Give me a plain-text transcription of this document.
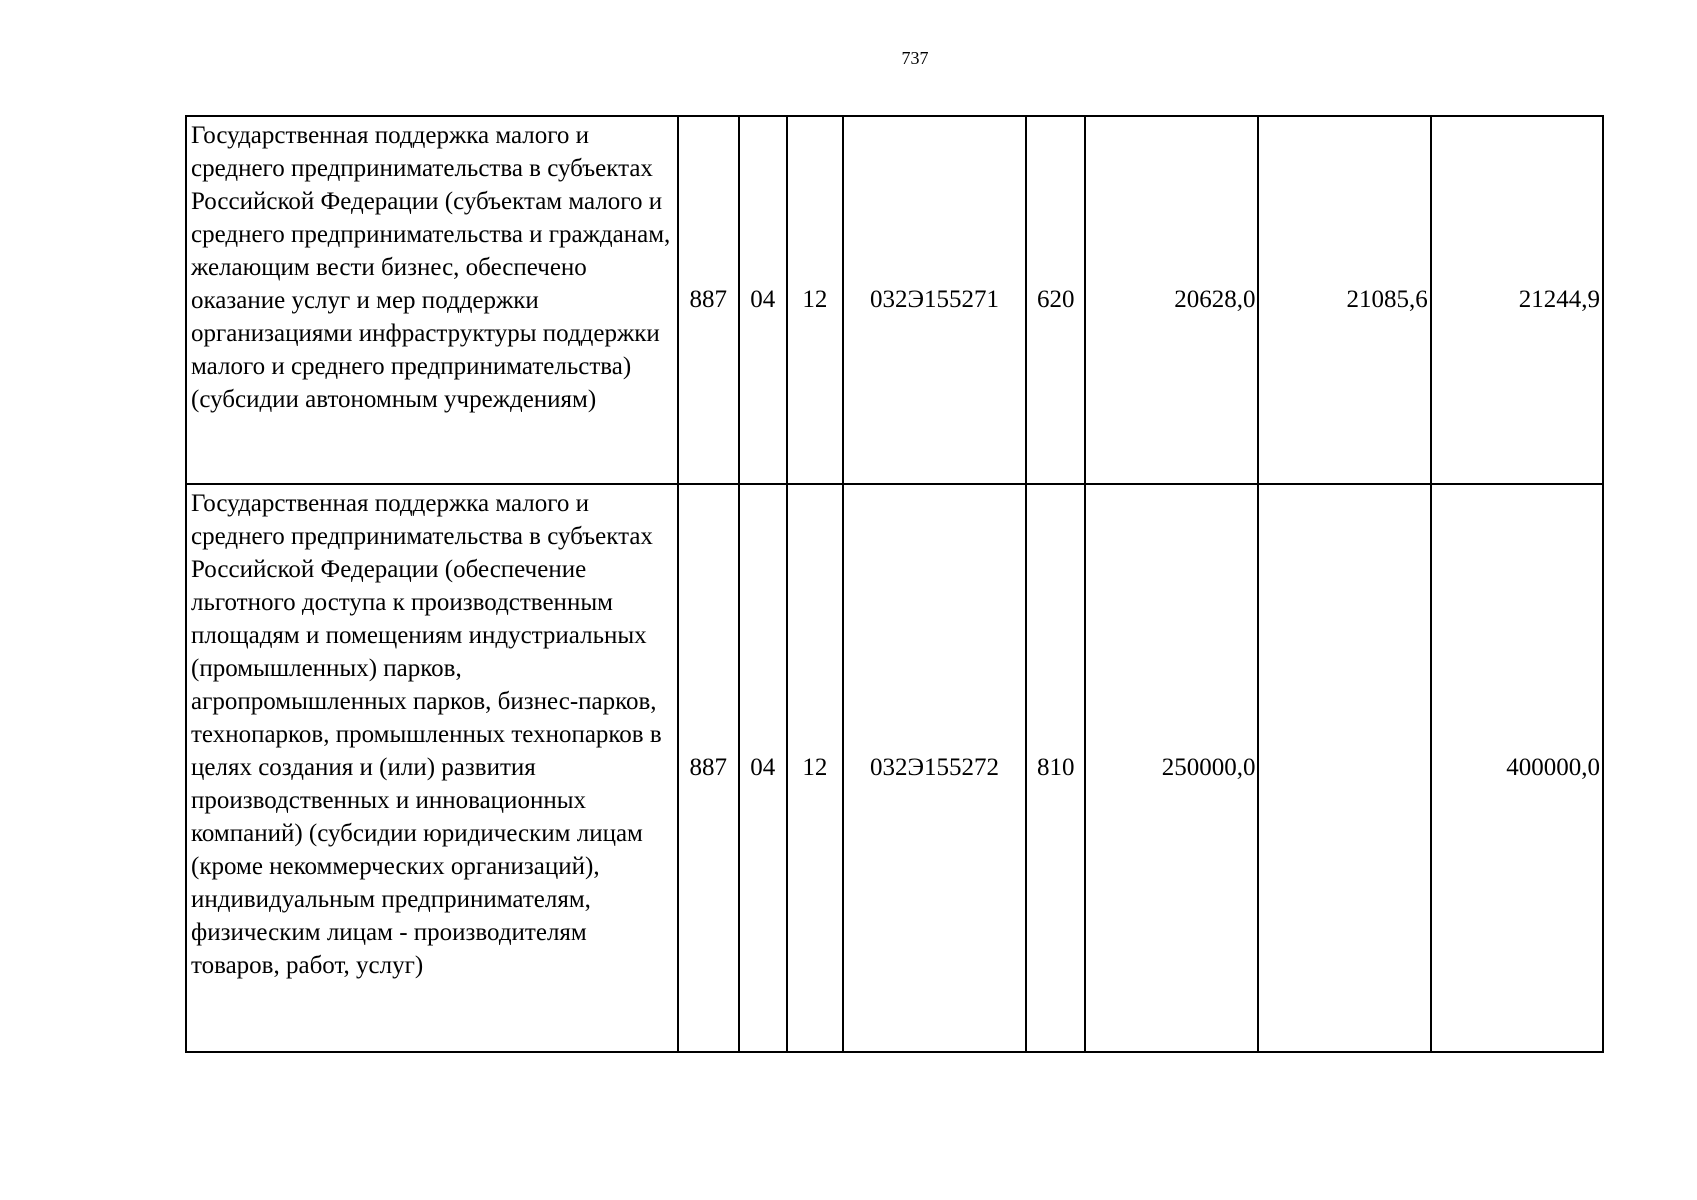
737
Государственная поддержка малого и среднего предпринимательства в субъектах Российской Федерации (субъектам малого и среднего предпринимательства и гражданам, желающим вести бизнес, обеспечено оказание услуг и мер поддержки организациями инфраструктуры поддержки малого и среднего предпринимательства) (субсидии автономным учреждениям)	887	04	12	032Э155271	620	20628,0	21085,6	21244,9
Государственная поддержка малого и среднего предпринимательства в субъектах Российской Федерации (обеспечение льготного доступа к производственным площадям и помещениям индустриальных (промышленных) парков, агропромышленных парков, бизнес-парков, технопарков, промышленных технопарков в целях создания и (или) развития производственных и инновационных компаний) (субсидии юридическим лицам (кроме некоммерческих организаций), индивидуальным предпринимателям, физическим лицам - производителям товаров, работ, услуг)	887	04	12	032Э155272	810	250000,0		400000,0
